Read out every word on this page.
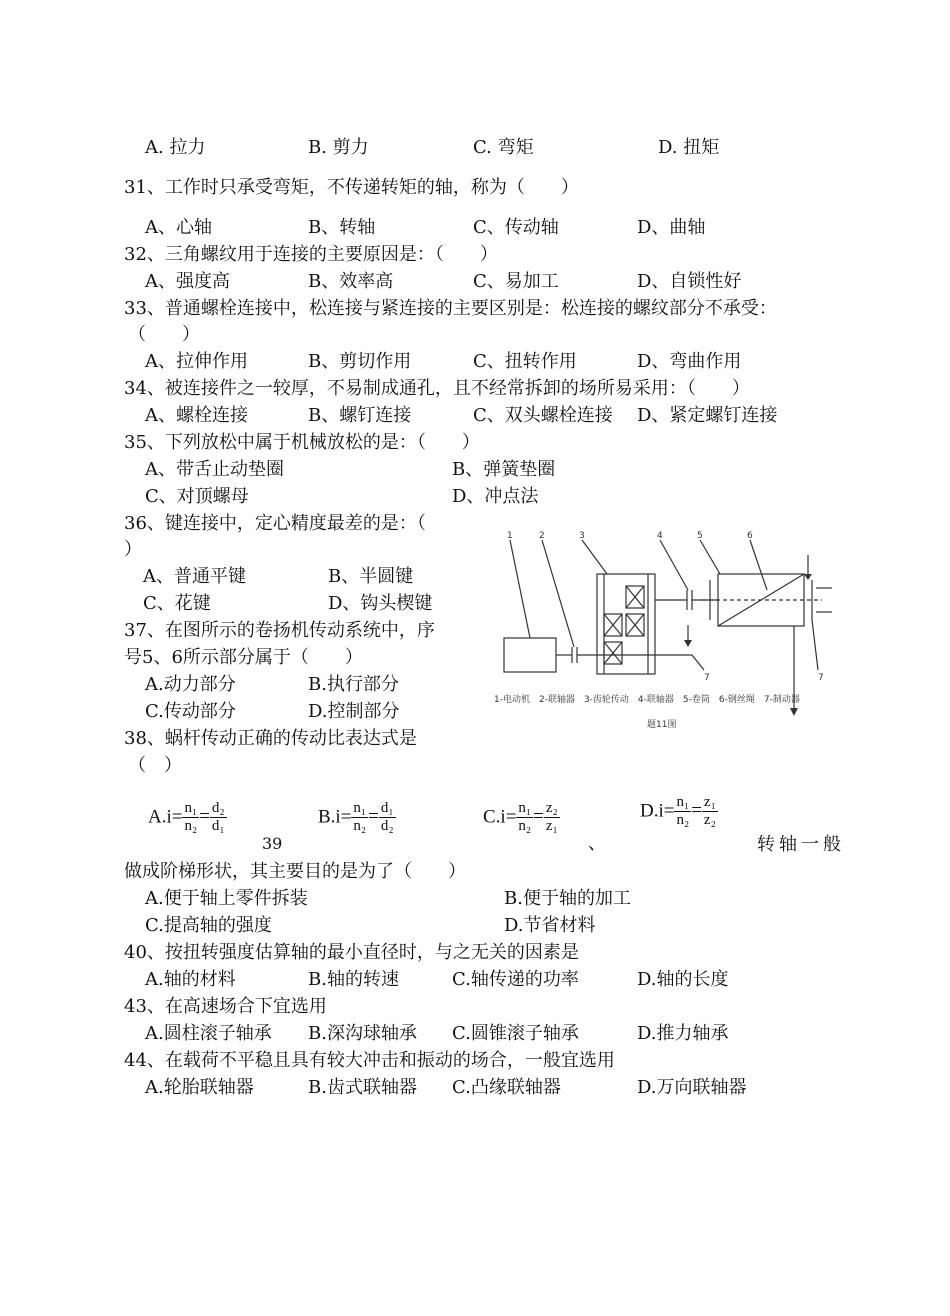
A. 拉力	B. 剪力	C. 弯矩	D. 扭矩
31、工作时只承受弯矩，不传递转矩的轴，称为（　　）
A、心轴	B、转轴	C、传动轴	D、曲轴
32、三角螺纹用于连接的主要原因是：（　　）
A、强度高	B、效率高	C、易加工	D、自锁性好
33、普通螺栓连接中，松连接与紧连接的主要区别是：松连接的螺纹部分不承受：
（　　）
A、拉伸作用	B、剪切作用	C、扭转作用	D、弯曲作用
34、被连接件之一较厚，不易制成通孔，且不经常拆卸的场所易采用：（　　）
A、螺栓连接	B、螺钉连接	C、双头螺栓连接 D、紧定螺钉连接
35、下列放松中属于机械放松的是：（　　）
A、带舌止动垫圈	B、弹簧垫圈
C、对顶螺母	D、冲点法
36、键连接中，定心精度最差的是：（
）
A、普通平键	B、半圆键
C、花键	D、钩头楔键
37、在图所示的卷扬机传动系统中，序
号5、6所示部分属于（　　）
A.动力部分	B.执行部分
C.传动部分	D.控制部分
1	2	3	4	5	6
7	7
1-电动机　2-联轴器　3-齿轮传动　4-联轴器　5-卷筒　6-钢丝绳　7-制动器
题11图
38、蜗杆传动正确的传动比表达式是
（　）
$A.i= \frac{\text{n₁}}{\text{n₂}} = \frac{\text{d₂}}{\text{d₁}}$
39
$B.i= \frac{\text{n₁}}{\text{n₂}} = \frac{\text{d₁}}{\text{d₂}}$	$C.i= \frac{\text{n₁}}{\text{n₂}} = \frac{\text{z₂}}{\text{z₁}}$
、
$D.i= \frac{\text{n₁}}{\text{n₂}} = \frac{\text{z₁}}{\text{z₂}}$
转轴一般
做成阶梯形状，其主要目的是为了（　　）
A.便于轴上零件拆装	B.便于轴的加工
C.提高轴的强度	D.节省材料
40、按扭转强度估算轴的最小直径时，与之无关的因素是
A.轴的材料	B.轴的转速	C.轴传递的功率	D.轴的长度
43、在高速场合下宜选用
A.圆柱滚子轴承 B.深沟球轴承 C.圆锥滚子轴承	D.推力轴承
44、在载荷不平稳且具有较大冲击和振动的场合，一般宜选用
A.轮胎联轴器	B.齿式联轴器 C.凸缘联轴器	D.万向联轴器
